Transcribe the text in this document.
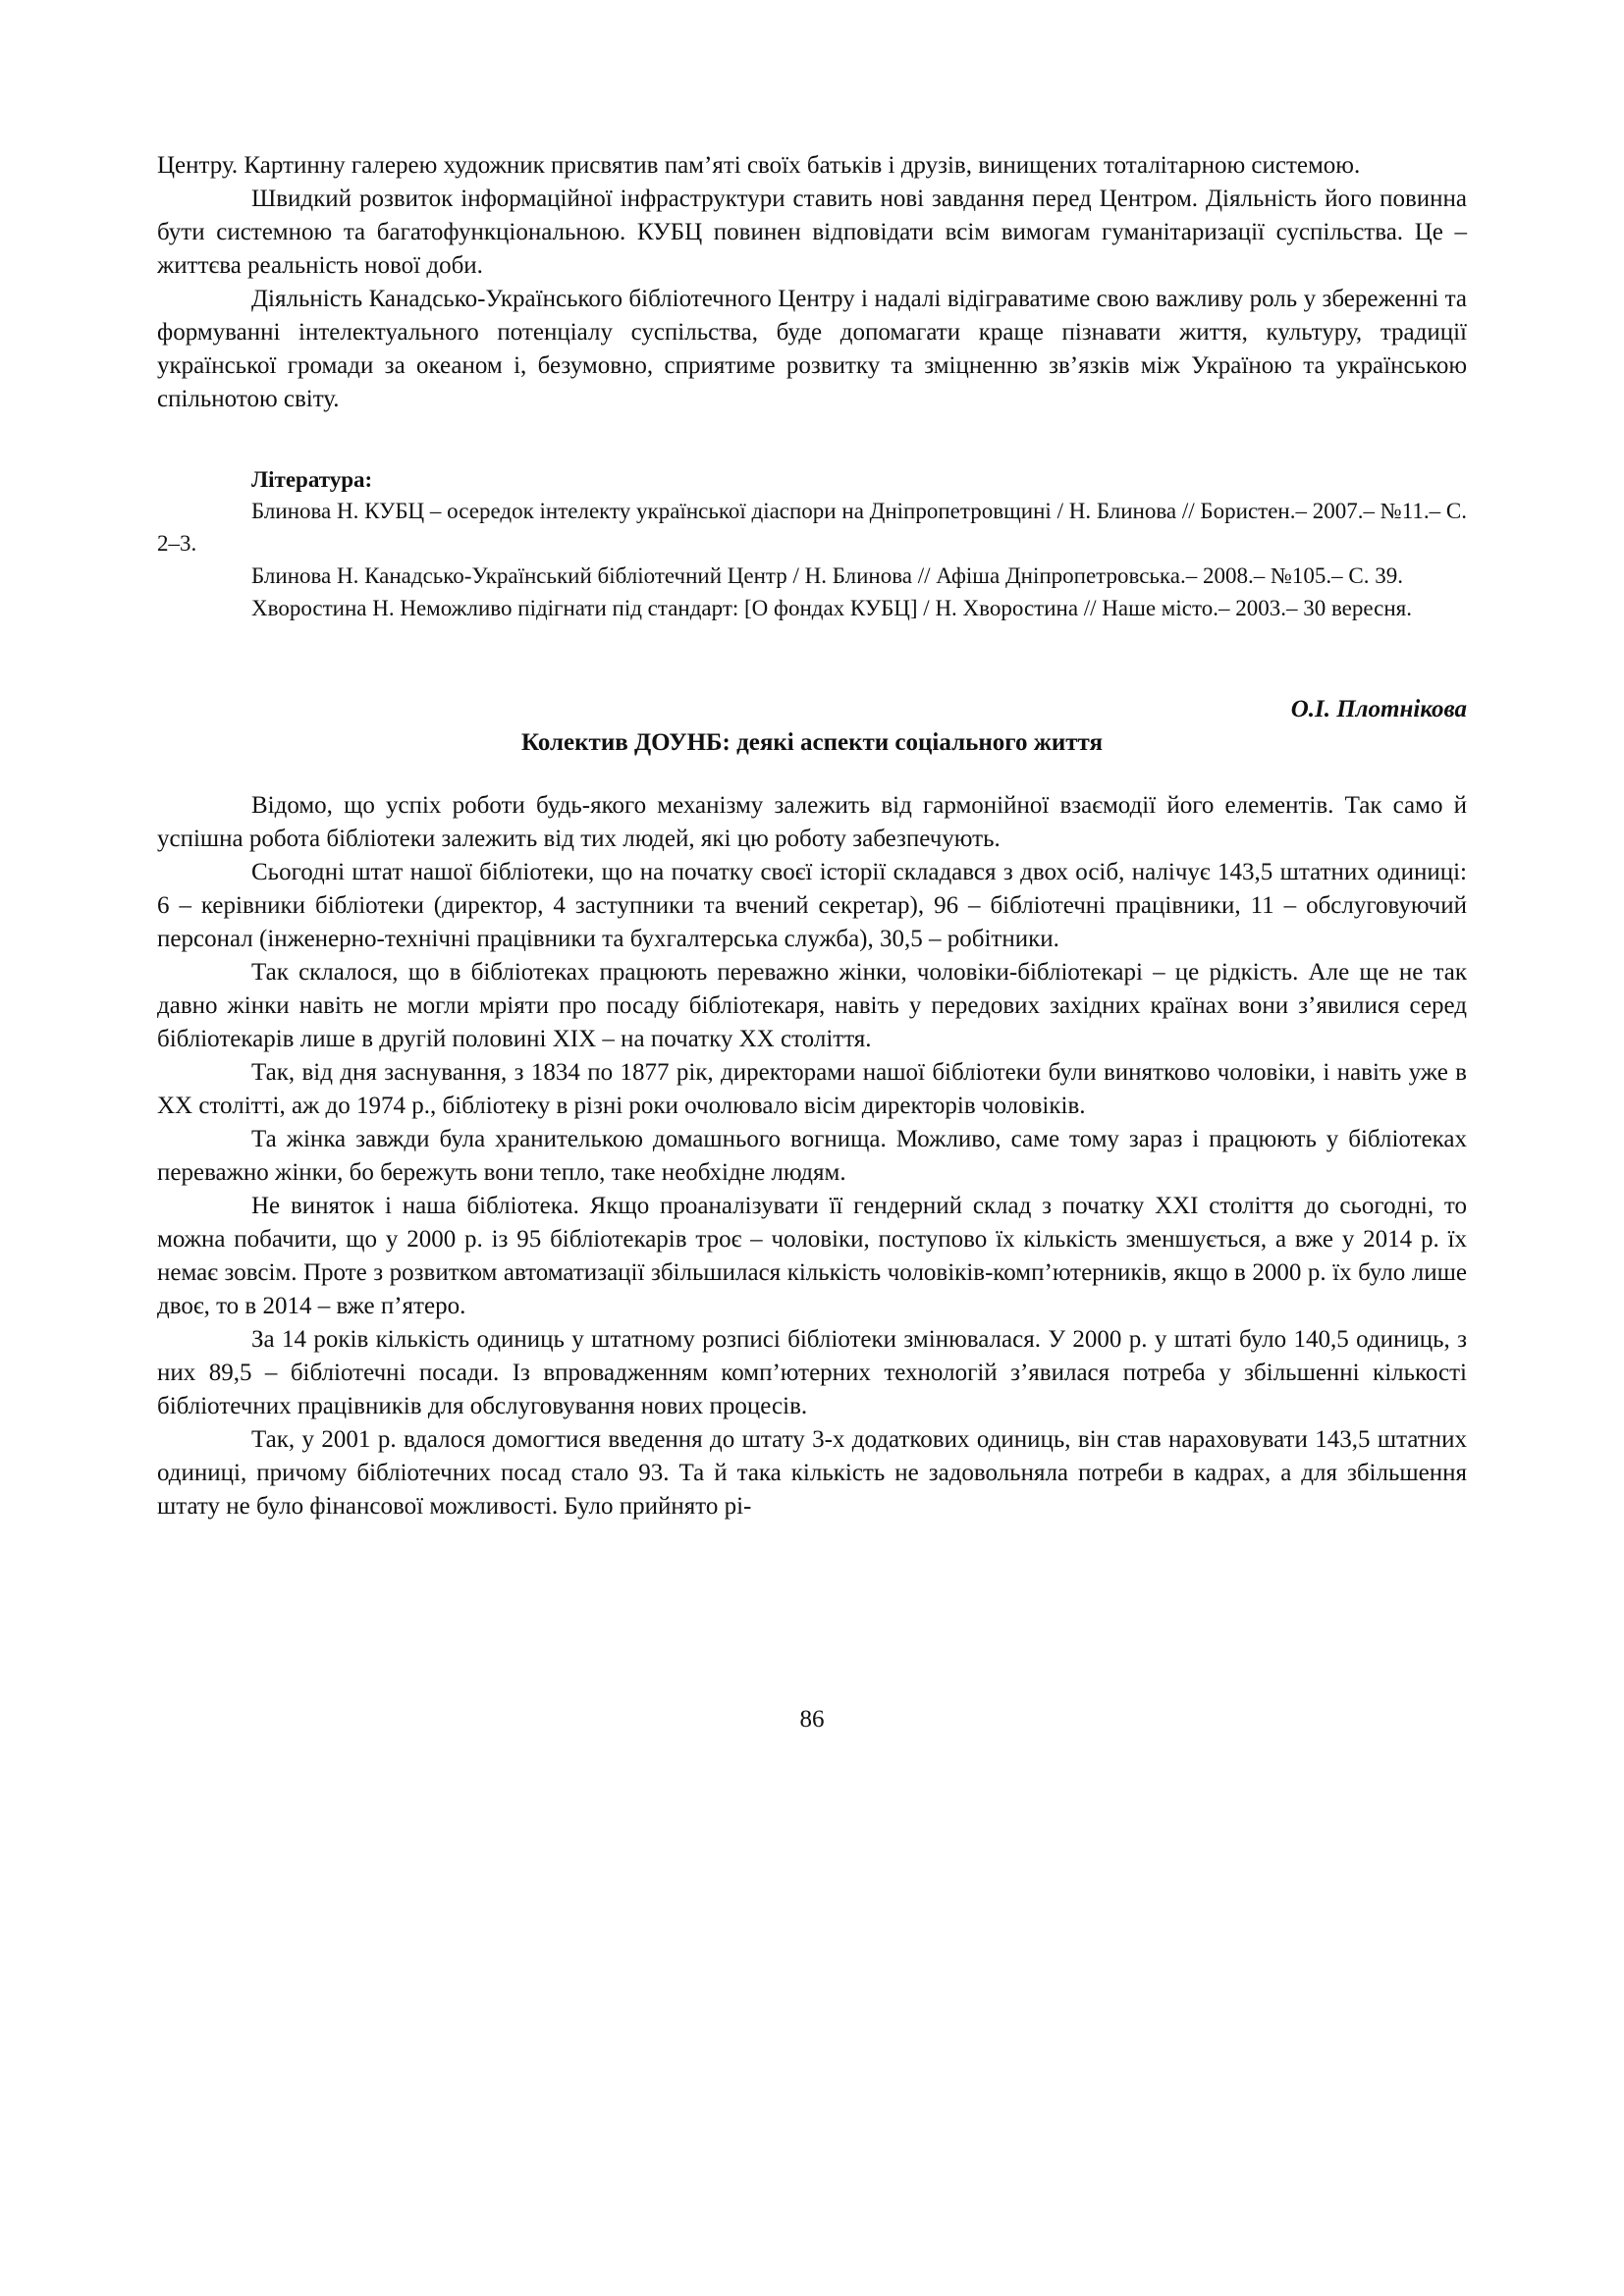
Центру. Картинну галерею художник присвятив пам’яті своїх батьків і друзів, винищених тоталітарною системою.

Швидкий розвиток інформаційної інфраструктури ставить нові завдання перед Центром. Діяльність його повинна бути системною та багатофункціональною. КУБЦ повинен відповідати всім вимогам гуманітаризації суспільства. Це – життєва реальність нової доби.

Діяльність Канадсько-Українського бібліотечного Центру і надалі відіграватиме свою важливу роль у збереженні та формуванні інтелектуального потенціалу суспільства, буде допомагати краще пізнавати життя, культуру, традиції української громади за океаном і, безумовно, сприятиме розвитку та зміцненню зв’язків між Україною та українською спільнотою світу.

Література:

Блинова Н. КУБЦ – осередок інтелекту української діаспори на Дніпропетровщині / Н. Блинова // Бористен.– 2007.– №11.– С. 2–3.

Блинова Н. Канадсько-Український бібліотечний Центр / Н. Блинова // Афіша Дніпропетровська.– 2008.– №105.– С. 39.

Хворостина Н. Неможливо підігнати під стандарт: [О фондах КУБЦ] / Н. Хворостина // Наше місто.– 2003.– 30 вересня.

О.І. Плотнікова

Колектив ДОУНБ: деякі аспекти соціального життя

Відомо, що успіх роботи будь-якого механізму залежить від гармонійної взаємодії його елементів. Так само й успішна робота бібліотеки залежить від тих людей, які цю роботу забезпечують.

Сьогодні штат нашої бібліотеки, що на початку своєї історії складався з двох осіб, налічує 143,5 штатних одиниці: 6 – керівники бібліотеки (директор, 4 заступники та вчений секретар), 96 – бібліотечні працівники, 11 – обслуговуючий персонал (інженерно-технічні працівники та бухгалтерська служба), 30,5 – робітники.

Так склалося, що в бібліотеках працюють переважно жінки, чоловіки-бібліотекарі – це рідкість. Але ще не так давно жінки навіть не могли мріяти про посаду бібліотекаря, навіть у передових західних країнах вони з’явилися серед бібліотекарів лише в другій половині XIX – на початку XX століття.

Так, від дня заснування, з 1834 по 1877 рік, директорами нашої бібліотеки були винятково чоловіки, і навіть уже в XX столітті, аж до 1974 р., бібліотеку в різні роки очолювало вісім директорів чоловіків.

Та жінка завжди була хранителькою домашнього вогнища. Можливо, саме тому зараз і працюють у бібліотеках переважно жінки, бо бережуть вони тепло, таке необхідне людям.

Не виняток і наша бібліотека. Якщо проаналізувати її гендерний склад з початку XXI століття до сьогодні, то можна побачити, що у 2000 р. із 95 бібліотекарів троє – чоловіки, поступово їх кількість зменшується, а вже у 2014 р. їх немає зовсім. Проте з розвитком автоматизації збільшилася кількість чоловіків-комп’ютерників, якщо в 2000 р. їх було лише двоє, то в 2014 – вже п’ятеро.

За 14 років кількість одиниць у штатному розписі бібліотеки змінювалася. У 2000 р. у штаті було 140,5 одиниць, з них 89,5 – бібліотечні посади. Із впровадженням комп’ютерних технологій з’явилася потреба у збільшенні кількості бібліотечних працівників для обслуговування нових процесів.

Так, у 2001 р. вдалося домогтися введення до штату 3-х додаткових одиниць, він став нараховувати 143,5 штатних одиниці, причому бібліотечних посад стало 93. Та й така кількість не задовольняла потреби в кадрах, а для збільшення штату не було фінансової можливості. Було прийнято рі-

86
